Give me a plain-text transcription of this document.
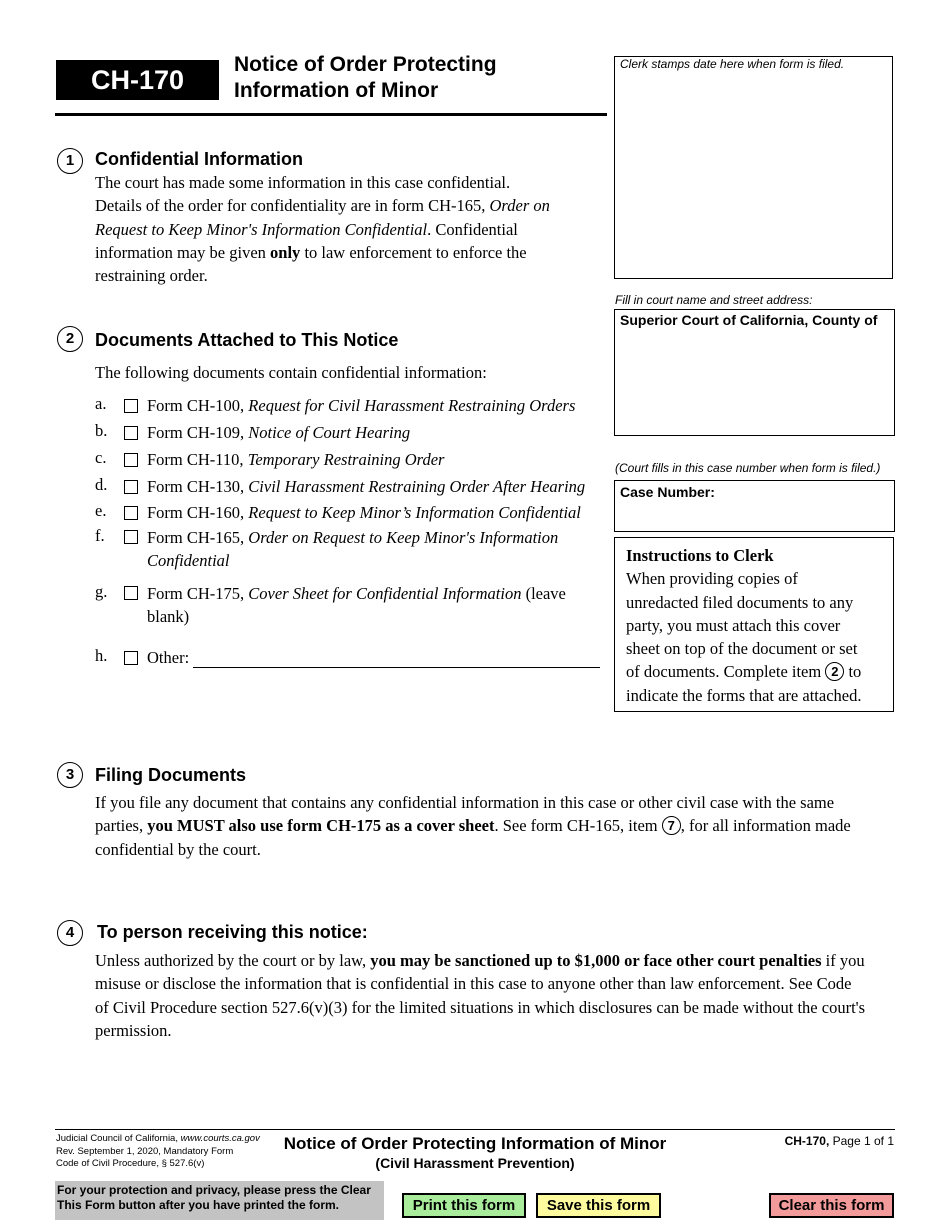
CH-170
Notice of Order Protecting
Information of Minor
Clerk stamps date here when form is filed.
Fill in court name and street address:
Superior Court of California, County of
(Court fills in this case number when form is filed.)
Case Number:
Instructions to Clerk
When providing copies of
unredacted filed documents to any
party, you must attach this cover
sheet on top of the document or set
of documents. Complete item 2 to
indicate the forms that are attached.
1	Confidential Information
The court has made some information in this case confidential.
Details of the order for confidentiality are in form CH-165, Order on
Request to Keep Minor's Information Confidential. Confidential
information may be given only to law enforcement to enforce the
restraining order.
2	Documents Attached to This Notice
The following documents contain confidential information:
a. Form CH-100, Request for Civil Harassment Restraining Orders
b. Form CH-109, Notice of Court Hearing
c. Form CH-110, Temporary Restraining Order
d. Form CH-130, Civil Harassment Restraining Order After Hearing
e. Form CH-160, Request to Keep Minor’s Information Confidential
f.	Form CH-165, Order on Request to Keep Minor's Information
Confidential
g. Form CH-175, Cover Sheet for Confidential Information (leave
blank)
h. Other:
3	Filing Documents
If you file any document that contains any confidential information in this case or other civil case with the same
parties, you MUST also use form CH-175 as a cover sheet. See form CH-165, item 7 , for all information made
confidential by the court.
4	To person receiving this notice:
Unless authorized by the court or by law, you may be sanctioned up to $1,000 or face other court penalties if you
misuse or disclose the information that is confidential in this case to anyone other than law enforcement. See Code
of Civil Procedure section 527.6(v)(3) for the limited situations in which disclosures can be made without the court's
permission.
Judicial Council of California, www.courts.ca.gov
Rev. September 1, 2020, Mandatory Form
Code of Civil Procedure, § 527.6(v)
Notice of Order Protecting Information of Minor
(Civil Harassment Prevention)
CH-170, Page 1 of 1
For your protection and privacy, please press the Clear
This Form button after you have printed the form.	Print this form	Save this form	Clear this form
